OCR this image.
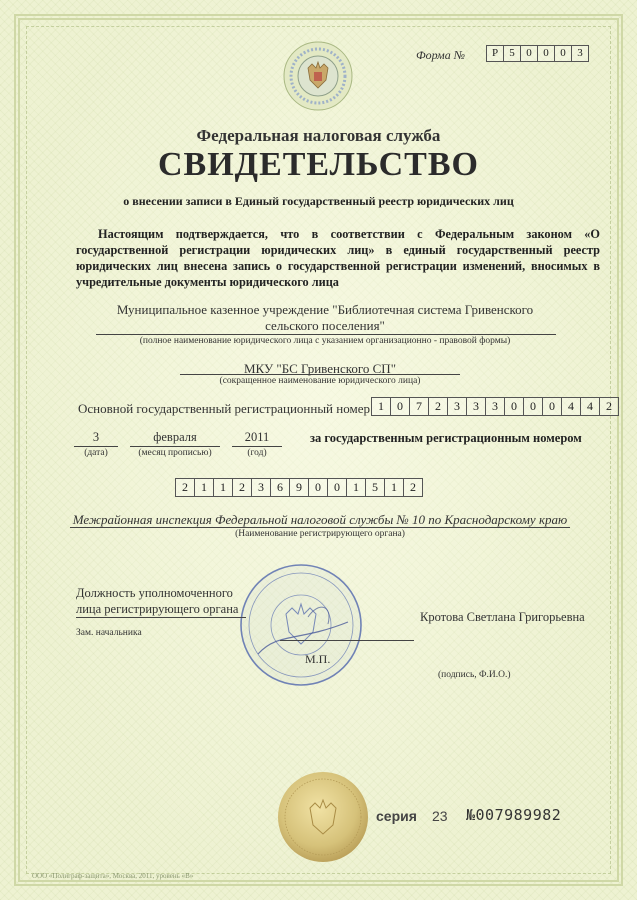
Форма №	Р	5	0	0	0	3
Федеральная налоговая служба
СВИДЕТЕЛЬСТВО
о внесении записи в Единый государственный реестр юридических лиц
Настоящим подтверждается, что в соответствии с Федеральным законом «О государственной регистрации юридических лиц» в единый государственный реестр юридических лиц внесена запись о государственной регистрации изменений, вносимых в учредительные документы юридического лица
Муниципальное казенное учреждение "Библиотечная система Гривенского сельского поселения"
(полное наименование юридического лица с указанием организационно - правовой формы)
МКУ "БС Гривенского СП"
(сокращенное наименование юридического лица)
Основной государственный регистрационный номер 1	0	7	2	3	3	3	0	0	0	4	4	2
3
(дата)
февраля
(месяц прописью)
2011
(год)
за государственным регистрационным номером
2	1	1	2	3	6	9	0	0	1	5	1	2
Межрайонная инспекция Федеральной налоговой службы № 10 по Краснодарскому краю
(Наименование регистрирующего органа)
Должность уполномоченного
лица регистрирующего органа
Зам. начальника
Кротова Светлана Григорьевна
М.П.
(подпись, Ф.И.О.)
серия 23 №007989982
ООО «Полиграф-защита», Москва, 2011, уровень «В»
